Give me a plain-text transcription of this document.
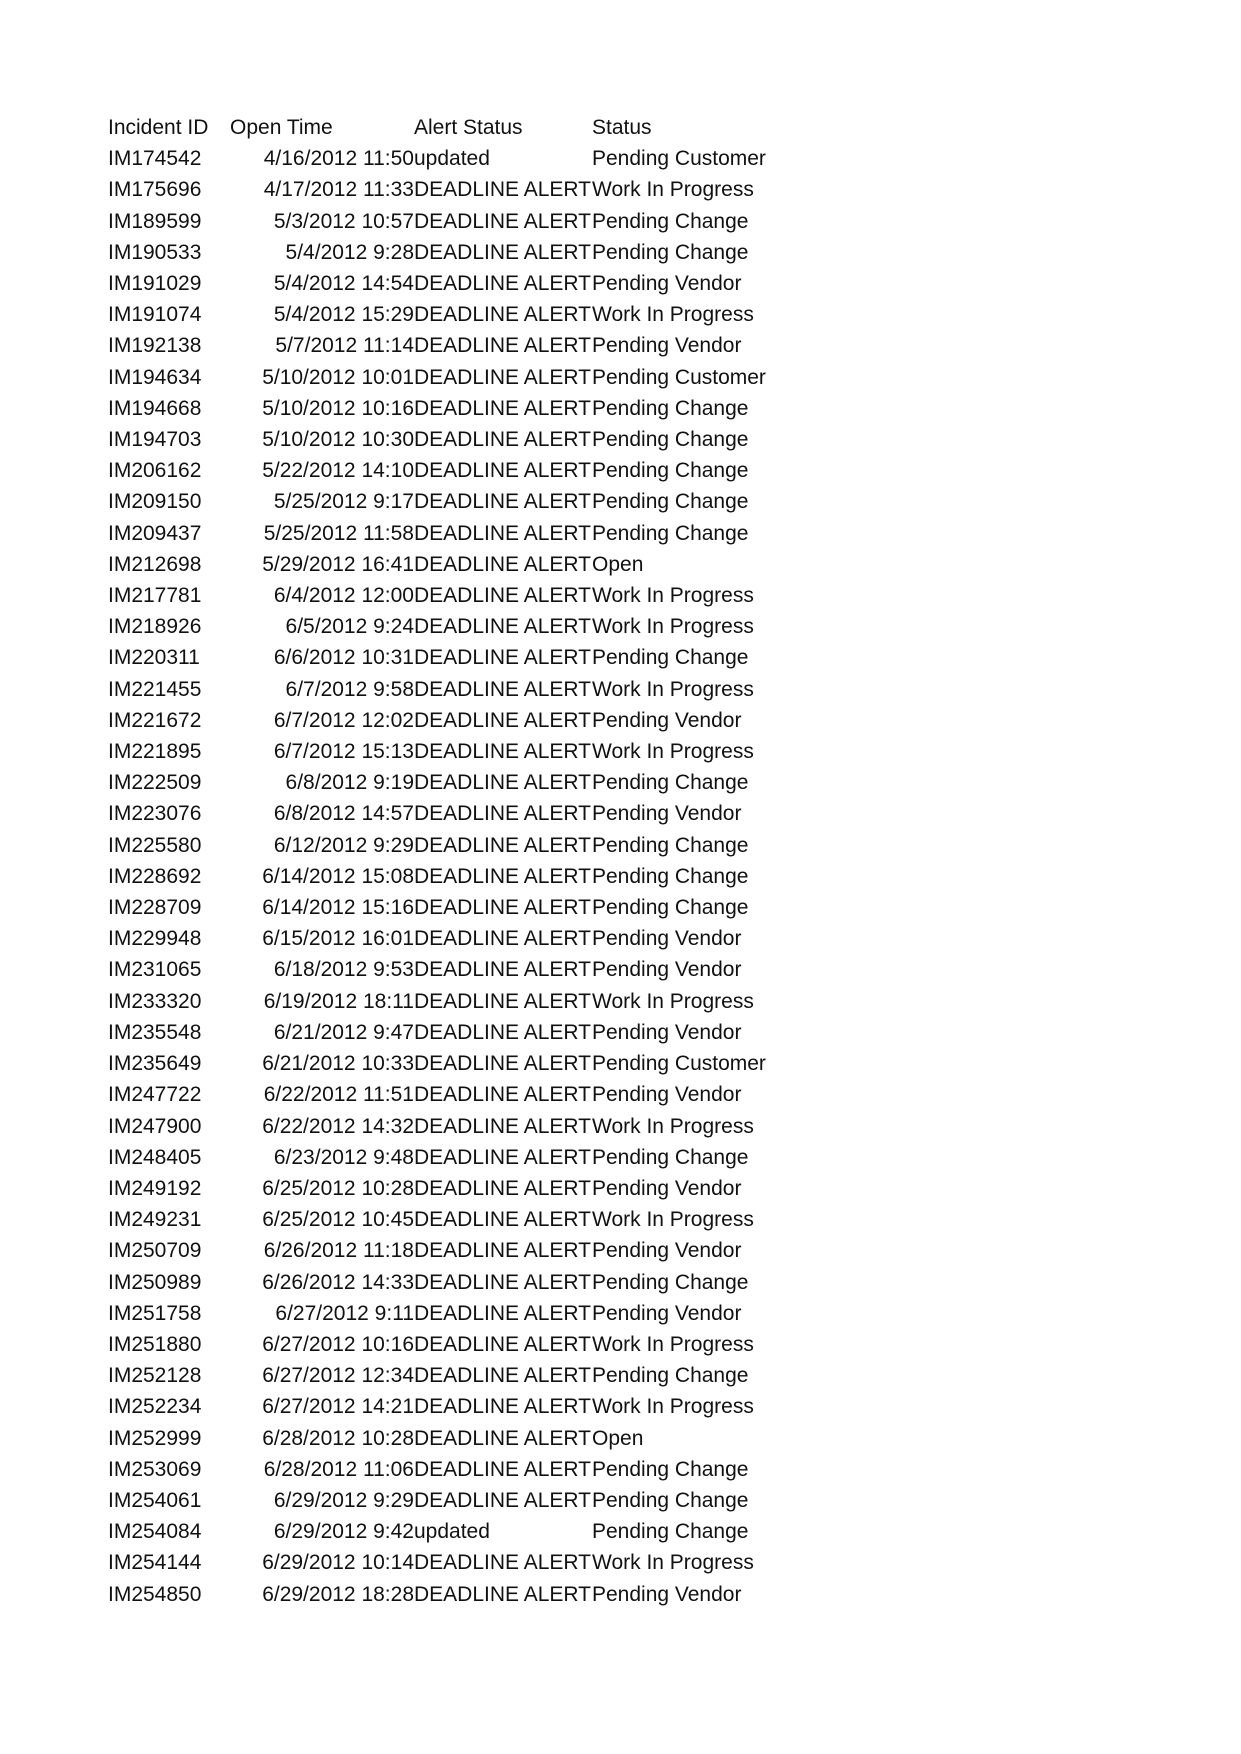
Incident ID	Open Time	Alert Status	Status
IM174542	4/16/2012 11:50	updated	Pending Customer
IM175696	4/17/2012 11:33	DEADLINE ALERT	Work In Progress
IM189599	5/3/2012 10:57	DEADLINE ALERT	Pending Change
IM190533	5/4/2012 9:28	DEADLINE ALERT	Pending Change
IM191029	5/4/2012 14:54	DEADLINE ALERT	Pending Vendor
IM191074	5/4/2012 15:29	DEADLINE ALERT	Work In Progress
IM192138	5/7/2012 11:14	DEADLINE ALERT	Pending Vendor
IM194634	5/10/2012 10:01	DEADLINE ALERT	Pending Customer
IM194668	5/10/2012 10:16	DEADLINE ALERT	Pending Change
IM194703	5/10/2012 10:30	DEADLINE ALERT	Pending Change
IM206162	5/22/2012 14:10	DEADLINE ALERT	Pending Change
IM209150	5/25/2012 9:17	DEADLINE ALERT	Pending Change
IM209437	5/25/2012 11:58	DEADLINE ALERT	Pending Change
IM212698	5/29/2012 16:41	DEADLINE ALERT	Open
IM217781	6/4/2012 12:00	DEADLINE ALERT	Work In Progress
IM218926	6/5/2012 9:24	DEADLINE ALERT	Work In Progress
IM220311	6/6/2012 10:31	DEADLINE ALERT	Pending Change
IM221455	6/7/2012 9:58	DEADLINE ALERT	Work In Progress
IM221672	6/7/2012 12:02	DEADLINE ALERT	Pending Vendor
IM221895	6/7/2012 15:13	DEADLINE ALERT	Work In Progress
IM222509	6/8/2012 9:19	DEADLINE ALERT	Pending Change
IM223076	6/8/2012 14:57	DEADLINE ALERT	Pending Vendor
IM225580	6/12/2012 9:29	DEADLINE ALERT	Pending Change
IM228692	6/14/2012 15:08	DEADLINE ALERT	Pending Change
IM228709	6/14/2012 15:16	DEADLINE ALERT	Pending Change
IM229948	6/15/2012 16:01	DEADLINE ALERT	Pending Vendor
IM231065	6/18/2012 9:53	DEADLINE ALERT	Pending Vendor
IM233320	6/19/2012 18:11	DEADLINE ALERT	Work In Progress
IM235548	6/21/2012 9:47	DEADLINE ALERT	Pending Vendor
IM235649	6/21/2012 10:33	DEADLINE ALERT	Pending Customer
IM247722	6/22/2012 11:51	DEADLINE ALERT	Pending Vendor
IM247900	6/22/2012 14:32	DEADLINE ALERT	Work In Progress
IM248405	6/23/2012 9:48	DEADLINE ALERT	Pending Change
IM249192	6/25/2012 10:28	DEADLINE ALERT	Pending Vendor
IM249231	6/25/2012 10:45	DEADLINE ALERT	Work In Progress
IM250709	6/26/2012 11:18	DEADLINE ALERT	Pending Vendor
IM250989	6/26/2012 14:33	DEADLINE ALERT	Pending Change
IM251758	6/27/2012 9:11	DEADLINE ALERT	Pending Vendor
IM251880	6/27/2012 10:16	DEADLINE ALERT	Work In Progress
IM252128	6/27/2012 12:34	DEADLINE ALERT	Pending Change
IM252234	6/27/2012 14:21	DEADLINE ALERT	Work In Progress
IM252999	6/28/2012 10:28	DEADLINE ALERT	Open
IM253069	6/28/2012 11:06	DEADLINE ALERT	Pending Change
IM254061	6/29/2012 9:29	DEADLINE ALERT	Pending Change
IM254084	6/29/2012 9:42	updated	Pending Change
IM254144	6/29/2012 10:14	DEADLINE ALERT	Work In Progress
IM254850	6/29/2012 18:28	DEADLINE ALERT	Pending Vendor
